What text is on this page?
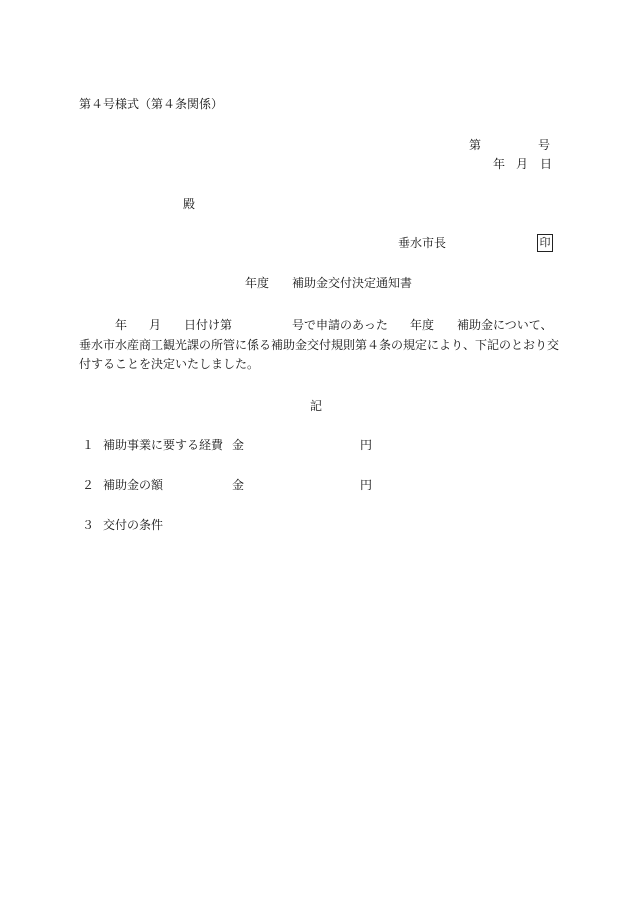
第４号様式（第４条関係）
第	号
年 月 日
殿
垂水市長	印
年度 補助金交付決定通知書
年 月 日付け第	号で申請のあった 年度 補助金について、
垂水市水産商工観光課の所管に係る補助金交付規則第４条の規定により、下記のとおり交
付することを決定いたしました。
記
１ 補助事業に要する経費 金	円
２ 補助金の額	金	円
３ 交付の条件
